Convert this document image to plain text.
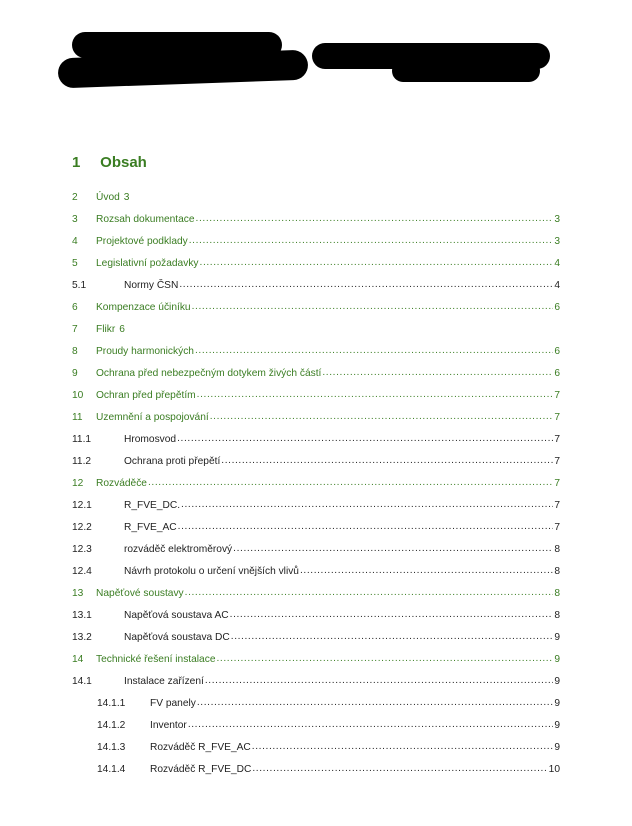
1 Obsah
2	Úvod 3
3	Rozsah dokumentace .....	3
4	Projektové podklady .....	3
5	Legislativní požadavky .....	4
5.1	Normy ČSN .....	4
6	Kompenzace účiníku .....	6
7	Flikr 6
8	Proudy harmonických .....	6
9	Ochrana před nebezpečným dotykem živých částí .....	6
10	Ochran před přepětím .....	7
11	Uzemnění a pospojování .....	7
11.1	Hromosvod .....	7
11.2	Ochrana proti přepětí .....	7
12	Rozváděče .....	7
12.1	R_FVE_DC. .....	7
12.2	R_FVE_AC .....	7
12.3	rozváděč elektroměrový .....	8
12.4	Návrh protokolu o určení vnějších vlivů .....	8
13	Napěťové soustavy .....	8
13.1	Napěťová soustava AC .....	8
13.2	Napěťová soustava DC .....	9
14	Technické řešení instalace .....	9
14.1	Instalace zařízení .....	9
14.1.1	FV panely .....	9
14.1.2	Inventor .....	9
14.1.3	Rozváděč R_FVE_AC .....	9
14.1.4	Rozváděč R_FVE_DC .....	10
